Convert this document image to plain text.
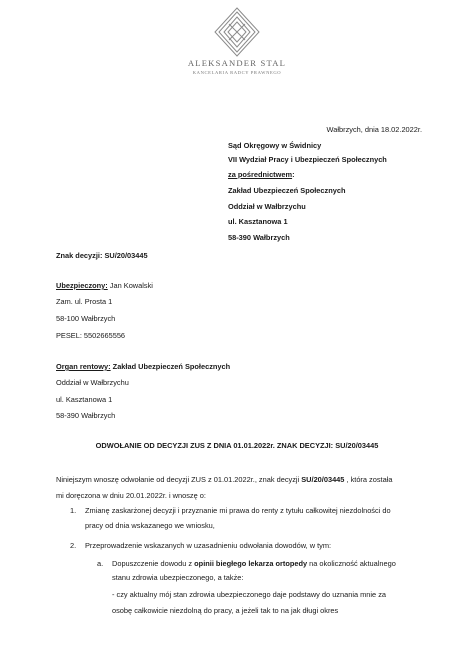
ALEKSANDER STAL
KANCELARIA RADCY PRAWNEGO
Wałbrzych, dnia 18.02.2022r.
Sąd Okręgowy w Świdnicy
VII Wydział Pracy i Ubezpieczeń Społecznych
za pośrednictwem:
Zakład Ubezpieczeń Społecznych
Oddział w Wałbrzychu
ul. Kasztanowa 1
58-390 Wałbrzych
Znak decyzji: SU/20/03445
Ubezpieczony: Jan Kowalski
Zam. ul. Prosta 1
58-100 Wałbrzych
PESEL: 5502665556
Organ rentowy: Zakład Ubezpieczeń Społecznych
Oddział w Wałbrzychu
ul. Kasztanowa 1
58-390 Wałbrzych
ODWOŁANIE OD DECYZJI ZUS Z DNIA 01.01.2022r. ZNAK DECYZJI: SU/20/03445
Niniejszym wnoszę odwołanie od decyzji ZUS z 01.01.2022r., znak decyzji SU/20/03445 , która została
mi doręczona w dniu 20.01.2022r. i wnoszę o:
1. Zmianę zaskarżonej decyzji i przyznanie mi prawa do renty z tytułu całkowitej niezdolności do
pracy od dnia wskazanego we wniosku,
2. Przeprowadzenie wskazanych w uzasadnieniu odwołania dowodów, w tym:
a. Dopuszczenie dowodu z opinii biegłego lekarza ortopedy na okoliczność aktualnego
stanu zdrowia ubezpieczonego, a także:
- czy aktualny mój stan zdrowia ubezpieczonego daje podstawy do uznania mnie za
osobę całkowicie niezdolną do pracy, a jeżeli tak to na jak długi okres
